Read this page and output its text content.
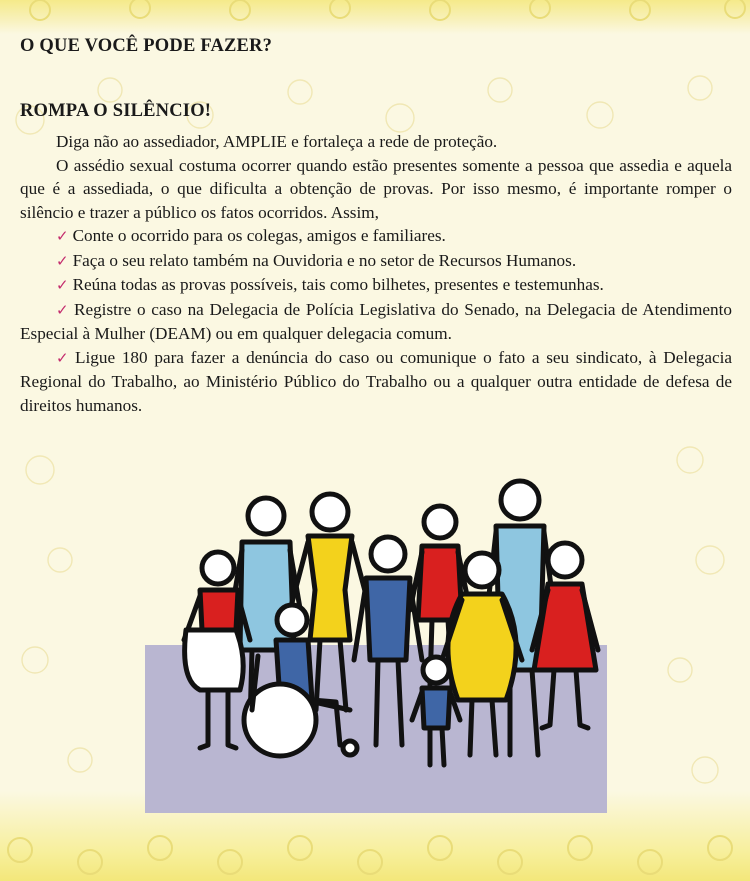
O QUE VOCÊ PODE FAZER?
ROMPA O SILÊNCIO!

Diga não ao assediador, AMPLIE e fortaleça a rede de proteção.

O assédio sexual costuma ocorrer quando estão presentes somente a pessoa que assedia e aquela que é a assediada, o que dificulta a obtenção de provas. Por isso mesmo, é importante romper o silêncio e trazer a público os fatos ocorridos. Assim,

✓ Conte o ocorrido para os colegas, amigos e familiares.

✓ Faça o seu relato também na Ouvidoria e no setor de Recursos Humanos.

✓ Reúna todas as provas possíveis, tais como bilhetes, presentes e testemunhas.

✓ Registre o caso na Delegacia de Polícia Legislativa do Senado, na Delegacia de Atendimento Especial à Mulher (DEAM) ou em qualquer delegacia comum.

✓ Ligue 180 para fazer a denúncia do caso ou comunique o fato a seu sindicato, à Delegacia Regional do Trabalho, ao Ministério Público do Trabalho ou a qualquer outra entidade de defesa de direitos humanos.
